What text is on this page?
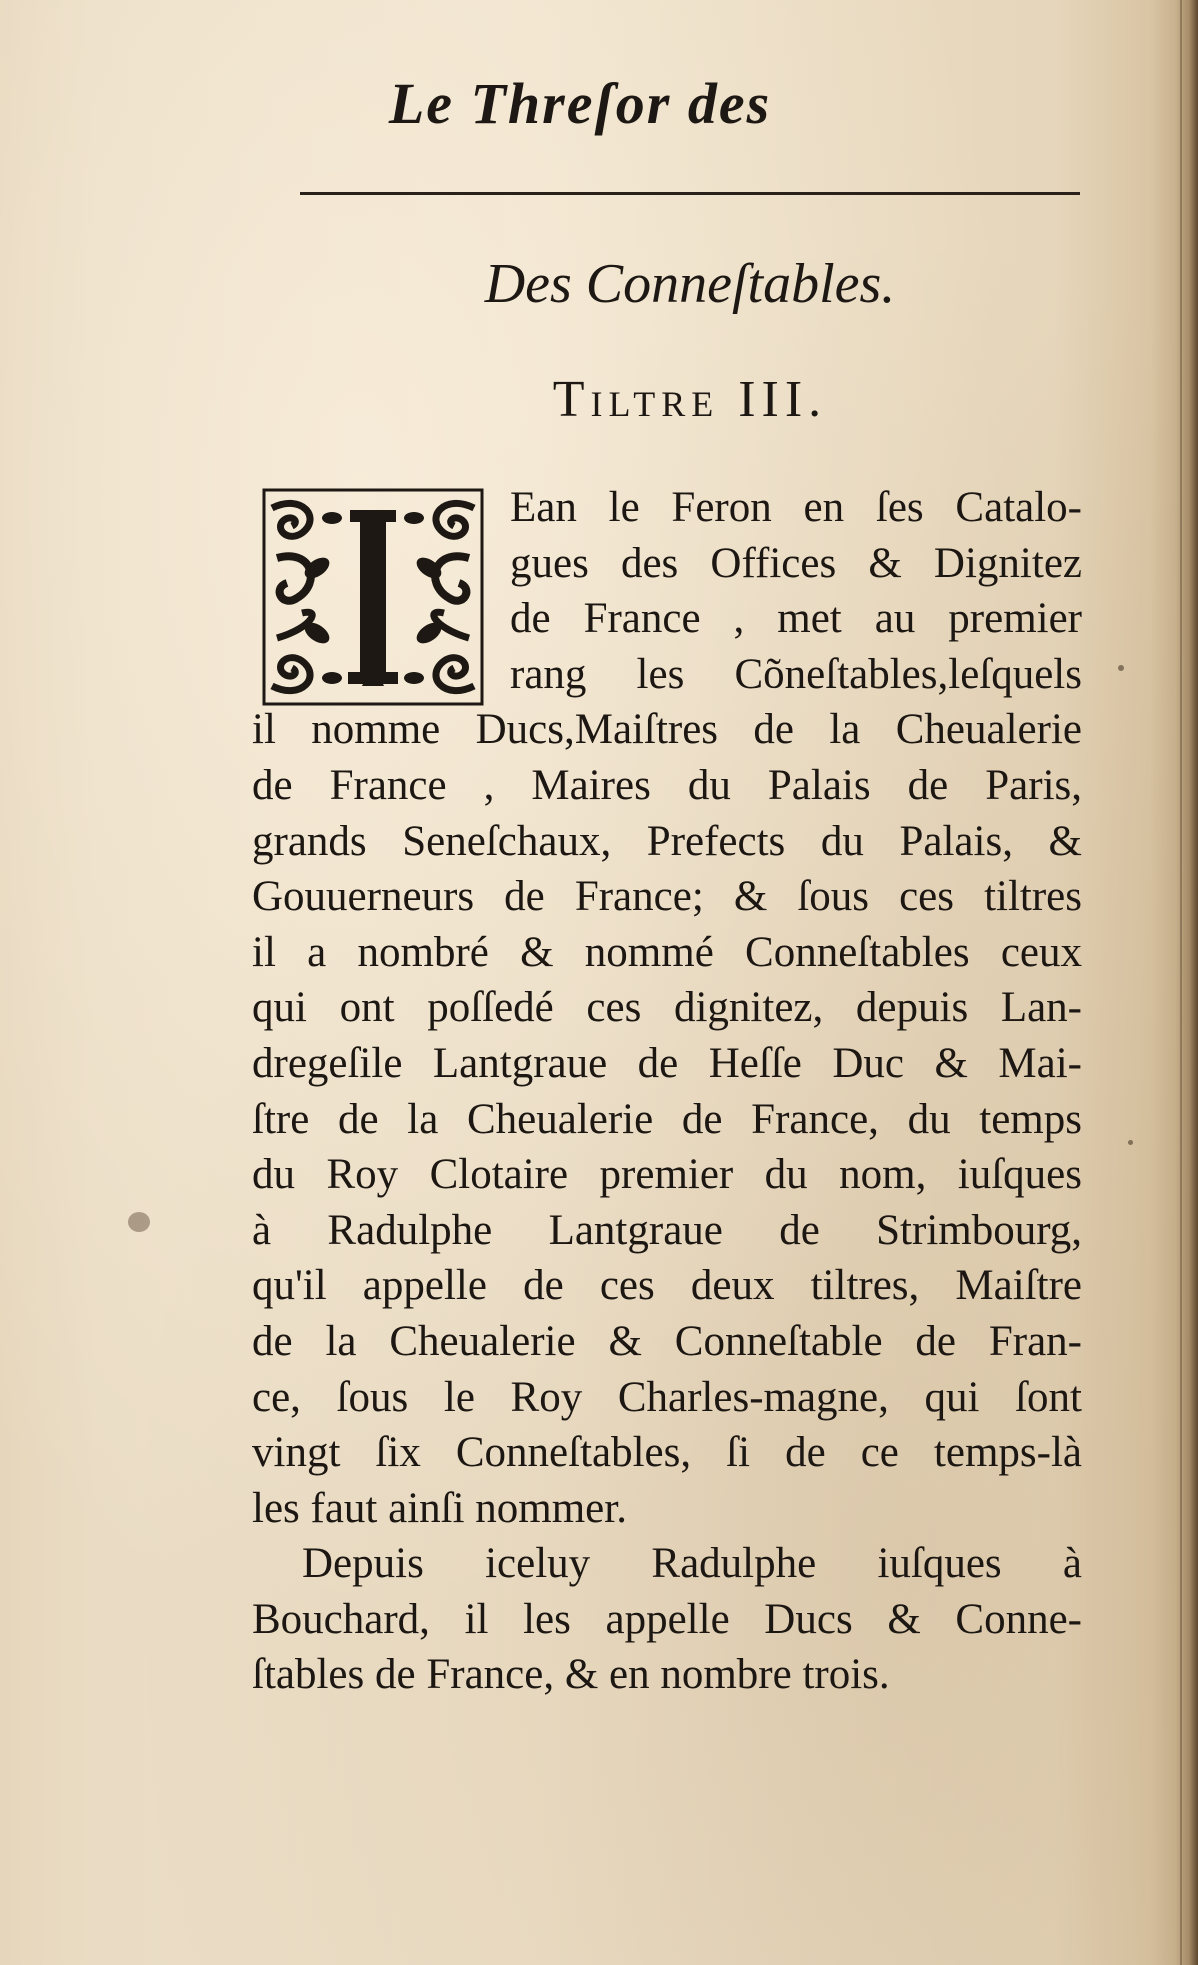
Le Threſor des
Des Conneſtables.
Tiltre III.
Ean le Feron en ſes Catalo-
gues des Offices & Dignitez
de France , met au premier
rang les Cõneſtables,leſquels
il nomme Ducs,Maiſtres de la Cheualerie
de France , Maires du Palais de Paris,
grands Seneſchaux, Prefects du Palais, &
Gouuerneurs de France; & ſous ces tiltres
il a nombré & nommé Conneſtables ceux
qui ont poſſedé ces dignitez, depuis Lan-
dregeſile Lantgraue de Heſſe Duc & Mai-
ſtre de la Cheualerie de France, du temps
du Roy Clotaire premier du nom, iuſques
à Radulphe Lantgraue de Strimbourg,
qu'il appelle de ces deux tiltres, Maiſtre
de la Cheualerie & Conneſtable de Fran-
ce, ſous le Roy Charles-magne, qui ſont
vingt ſix Conneſtables, ſi de ce temps-là
les faut ainſi nommer.
Depuis iceluy Radulphe iuſques à
Bouchard, il les appelle Ducs & Conne-
ſtables de France, & en nombre trois.
